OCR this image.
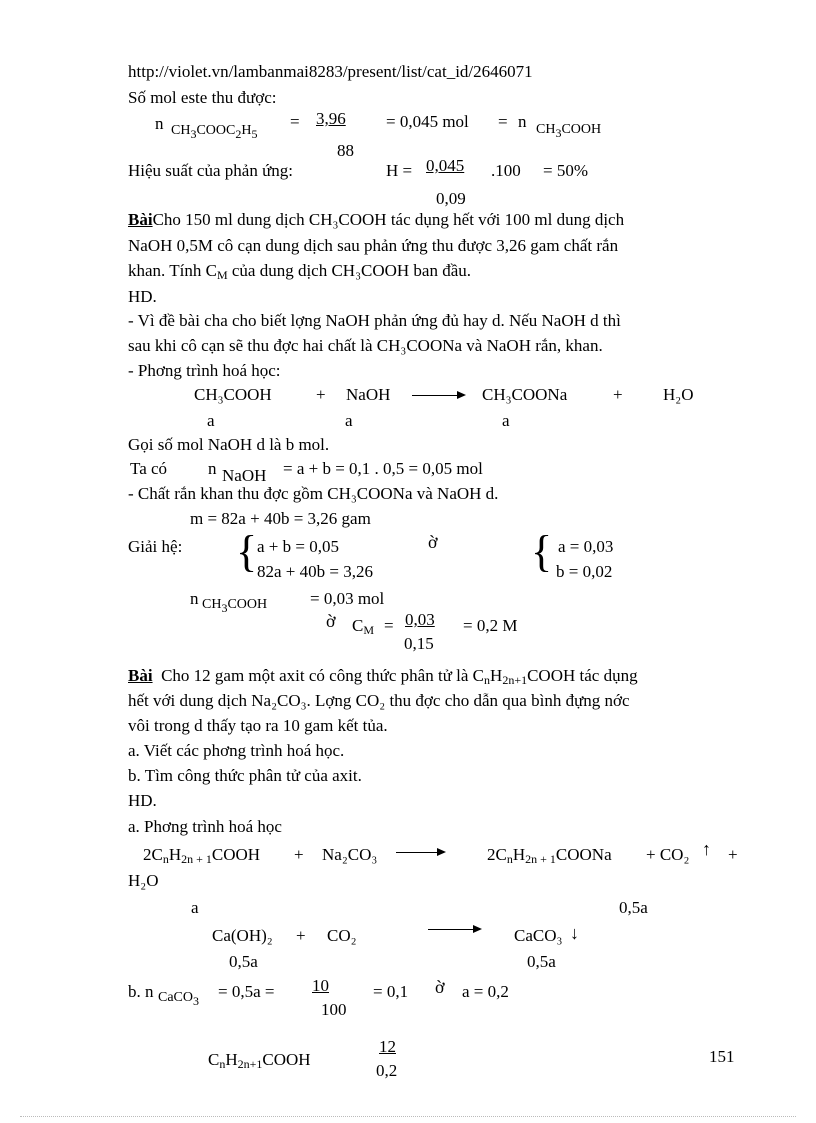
http://violet.vn/lambanmai8283/present/list/cat_id/2646071
Số mol este thu được:
n CH3COOC2H5
= 3,96
88
= 0,045 mol = n CH3COOH
Hiệu suất của phản ứng:	H = 0,045
0,09
.100 = 50%
BàiCho 150 ml dung dịch CH₃COOH tác dụng hết với 100 ml dung dịch
NaOH 0,5M cô cạn dung dịch sau phản ứng thu được 3,26 gam chất rắn
khan. Tính CM của dung dịch CH₃COOH ban đầu.
HD.
- Vì đề bài cha cho biết lợng NaOH phản ứng đủ hay d. Nếu NaOH d thì
sau khi cô cạn sẽ thu đợc hai chất là CH₃COONa và NaOH rắn, khan.
- Phơng trình hoá học:
CH₃COOH	+ NaOH → CH₃COONa	+ H₂O
a	a	a
Gọi số mol NaOH d là b mol.
Ta có n NaOH = a + b = 0,1 . 0,5 = 0,05 mol
- Chất rắn khan thu đợc gồm CH₃COONa và NaOH d.
m = 82a + 40b = 3,26 gam
Giải hệ: { a + b = 0,05
82a + 40b = 3,26
ờ { a = 0,03
b = 0,02
n CH3COOH	= 0,03 mol
ờ CM = 0,03
0,15
= 0,2 M
Bài Cho 12 gam một axit có công thức phân tử là CnH2n+1COOH tác dụng
hết với dung dịch Na₂CO₃. Lợng CO₂ thu đợc cho dẫn qua bình đựng nớc
vôi trong d thấy tạo ra 10 gam kết tủa.
a. Viết các phơng trình hoá học.
b. Tìm công thức phân tử của axit.
HD.
a. Phơng trình hoá học
2CnH2n + 1COOH + Na₂CO₃ →	2CnH2n + 1COONa + CO₂ ↑ +
H₂O
a	0,5a
Ca(OH)₂ + CO₂	CaCO₃ ↓
0,5a	0,5a
b. n CaCO3 = 0,5a = 10
100
= 0,1 ờ a = 0,2
CnH2n+1COOH
12
0,2
151
